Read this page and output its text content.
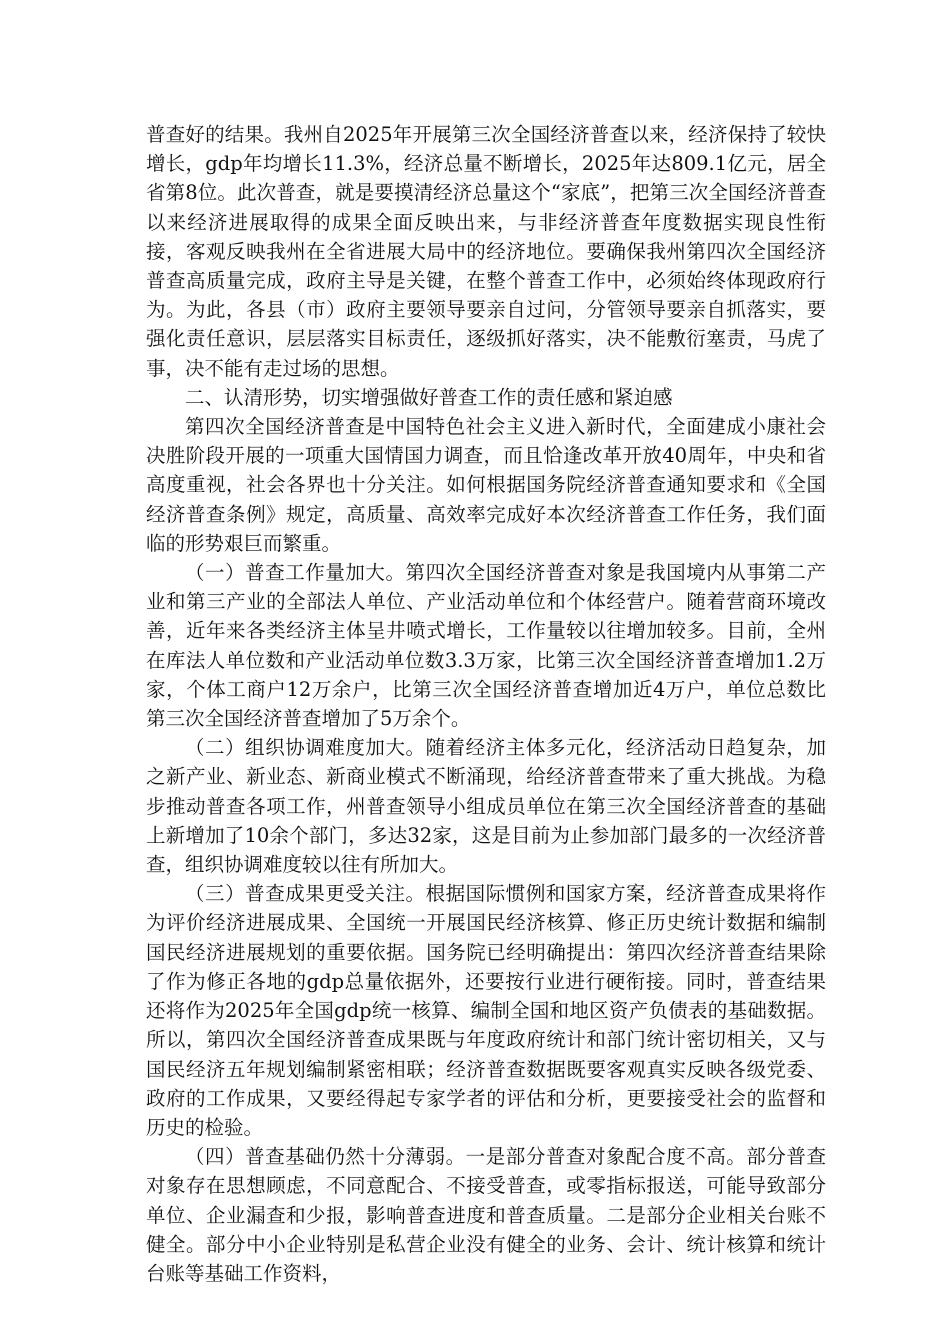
普查好的结果。我州自2025年开展第三次全国经济普查以来，经济保持了较快增长，gdp年均增长11.3%，经济总量不断增长，2025年达809.1亿元，居全省第8位。此次普查，就是要摸清经济总量这个“家底”，把第三次全国经济普查以来经济进展取得的成果全面反映出来，与非经济普查年度数据实现良性衔接，客观反映我州在全省进展大局中的经济地位。要确保我州第四次全国经济普查高质量完成，政府主导是关键，在整个普查工作中，必须始终体现政府行为。为此，各县（市）政府主要领导要亲自过问，分管领导要亲自抓落实，要强化责任意识，层层落实目标责任，逐级抓好落实，决不能敷衍塞责，马虎了事，决不能有走过场的思想。

二、认清形势，切实增强做好普查工作的责任感和紧迫感

第四次全国经济普查是中国特色社会主义进入新时代，全面建成小康社会决胜阶段开展的一项重大国情国力调查，而且恰逢改革开放40周年，中央和省高度重视，社会各界也十分关注。如何根据国务院经济普查通知要求和《全国经济普查条例》规定，高质量、高效率完成好本次经济普查工作任务，我们面临的形势艰巨而繁重。

（一）普查工作量加大。第四次全国经济普查对象是我国境内从事第二产业和第三产业的全部法人单位、产业活动单位和个体经营户。随着营商环境改善，近年来各类经济主体呈井喷式增长，工作量较以往增加较多。目前，全州在库法人单位数和产业活动单位数3.3万家，比第三次全国经济普查增加1.2万家，个体工商户12万余户，比第三次全国经济普查增加近4万户，单位总数比第三次全国经济普查增加了5万余个。

（二）组织协调难度加大。随着经济主体多元化，经济活动日趋复杂，加之新产业、新业态、新商业模式不断涌现，给经济普查带来了重大挑战。为稳步推动普查各项工作，州普查领导小组成员单位在第三次全国经济普查的基础上新增加了10余个部门，多达32家，这是目前为止参加部门最多的一次经济普查，组织协调难度较以往有所加大。

（三）普查成果更受关注。根据国际惯例和国家方案，经济普查成果将作为评价经济进展成果、全国统一开展国民经济核算、修正历史统计数据和编制国民经济进展规划的重要依据。国务院已经明确提出：第四次经济普查结果除了作为修正各地的gdp总量依据外，还要按行业进行硬衔接。同时，普查结果还将作为2025年全国gdp统一核算、编制全国和地区资产负债表的基础数据。所以，第四次全国经济普查成果既与年度政府统计和部门统计密切相关，又与国民经济五年规划编制紧密相联；经济普查数据既要客观真实反映各级党委、政府的工作成果，又要经得起专家学者的评估和分析，更要接受社会的监督和历史的检验。

（四）普查基础仍然十分薄弱。一是部分普查对象配合度不高。部分普查对象存在思想顾虑，不同意配合、不接受普查，或零指标报送，可能导致部分单位、企业漏查和少报，影响普查进度和普查质量。二是部分企业相关台账不健全。部分中小企业特别是私营企业没有健全的业务、会计、统计核算和统计台账等基础工作资料，
